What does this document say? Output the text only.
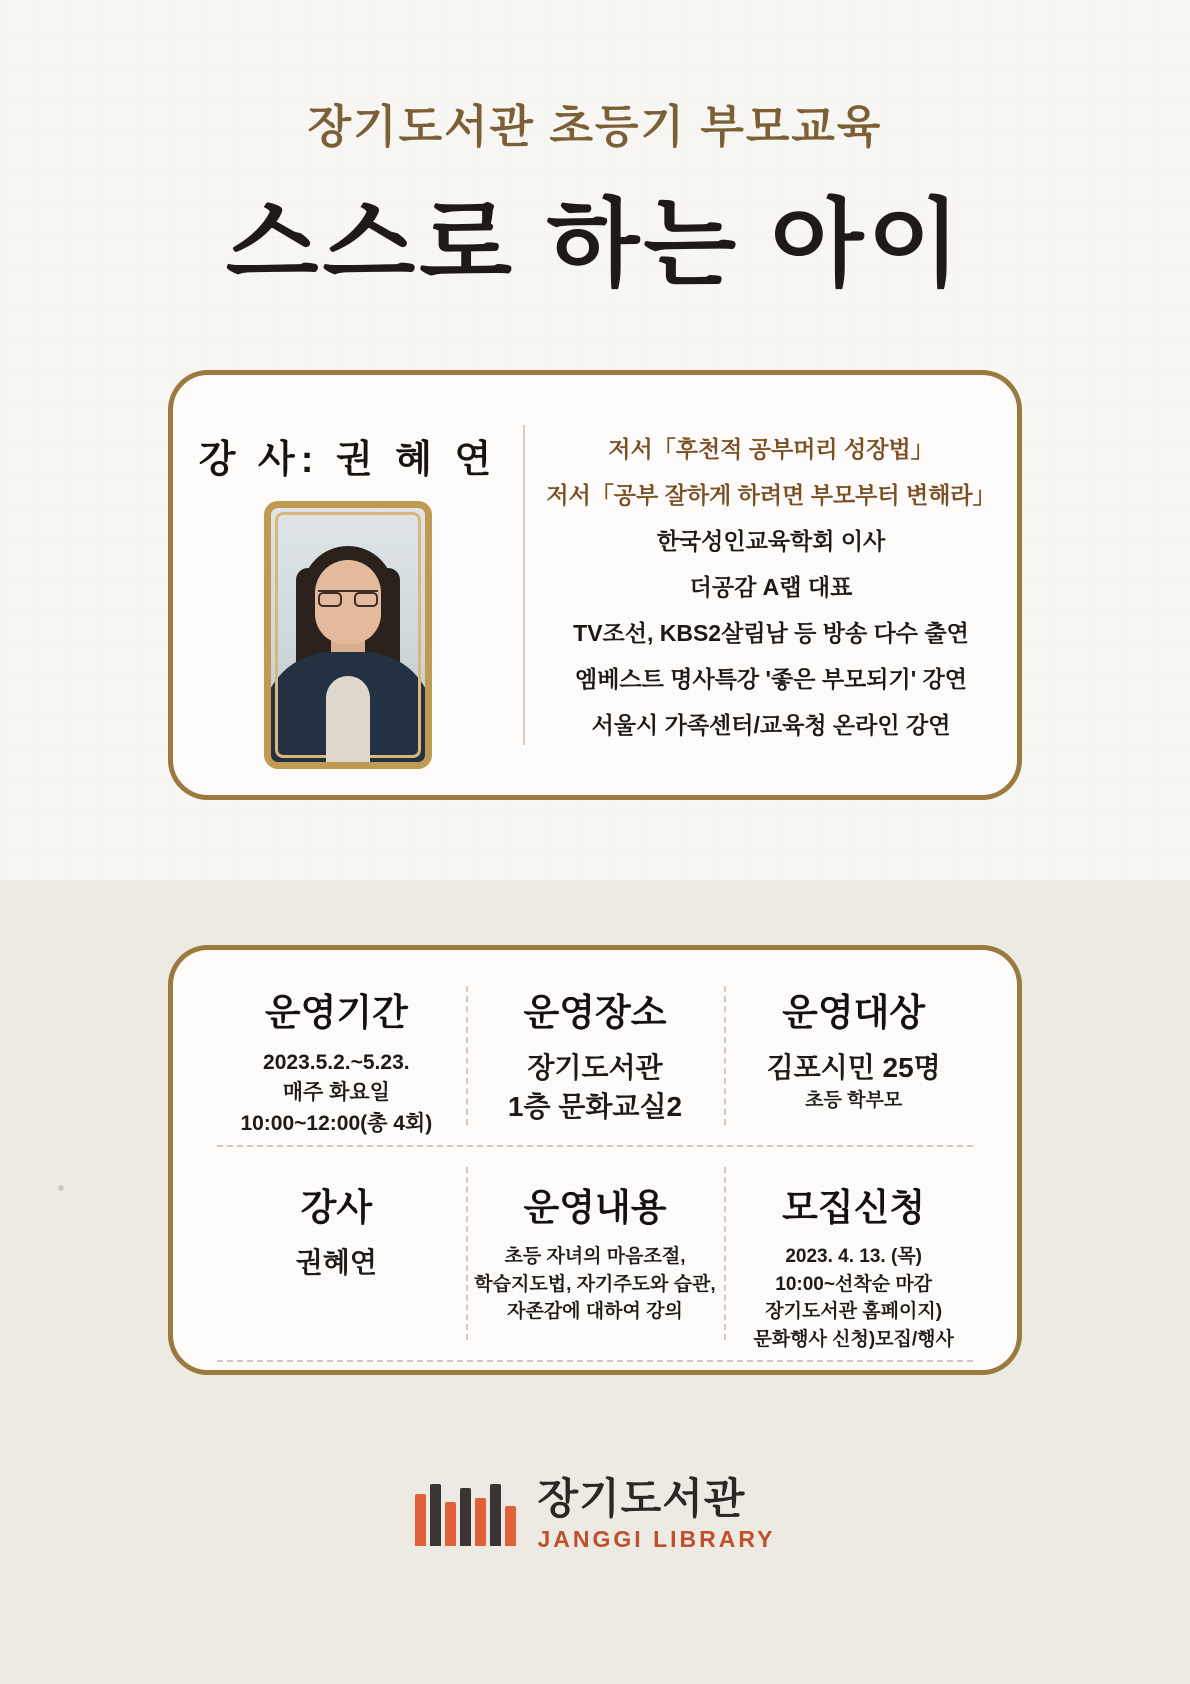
장기도서관 초등기 부모교육
스스로 하는 아이
강 사: 권 혜 연	저서「후천적 공부머리 성장법」
저서「공부 잘하게 하려면 부모부터 변해라」
한국성인교육학회 이사
더공감 A랩 대표
TV조선, KBS2살림남 등 방송 다수 출연
엠베스트 명사특강 '좋은 부모되기' 강연
서울시 가족센터/교육청 온라인 강연
운영기간
2023.5.2.~5.23.
매주 화요일
10:00~12:00(총 4회)
운영장소
장기도서관
1층 문화교실2
운영대상
김포시민 25명
초등 학부모
강사
권혜연
운영내용
초등 자녀의 마음조절,
학습지도법, 자기주도와 습관,
자존감에 대하여 강의
모집신청
2023. 4. 13. (목)
10:00~선착순 마감
장기도서관 홈페이지)
문화행사 신청)모집/행사
장기도서관
JANGGI LIBRARY
